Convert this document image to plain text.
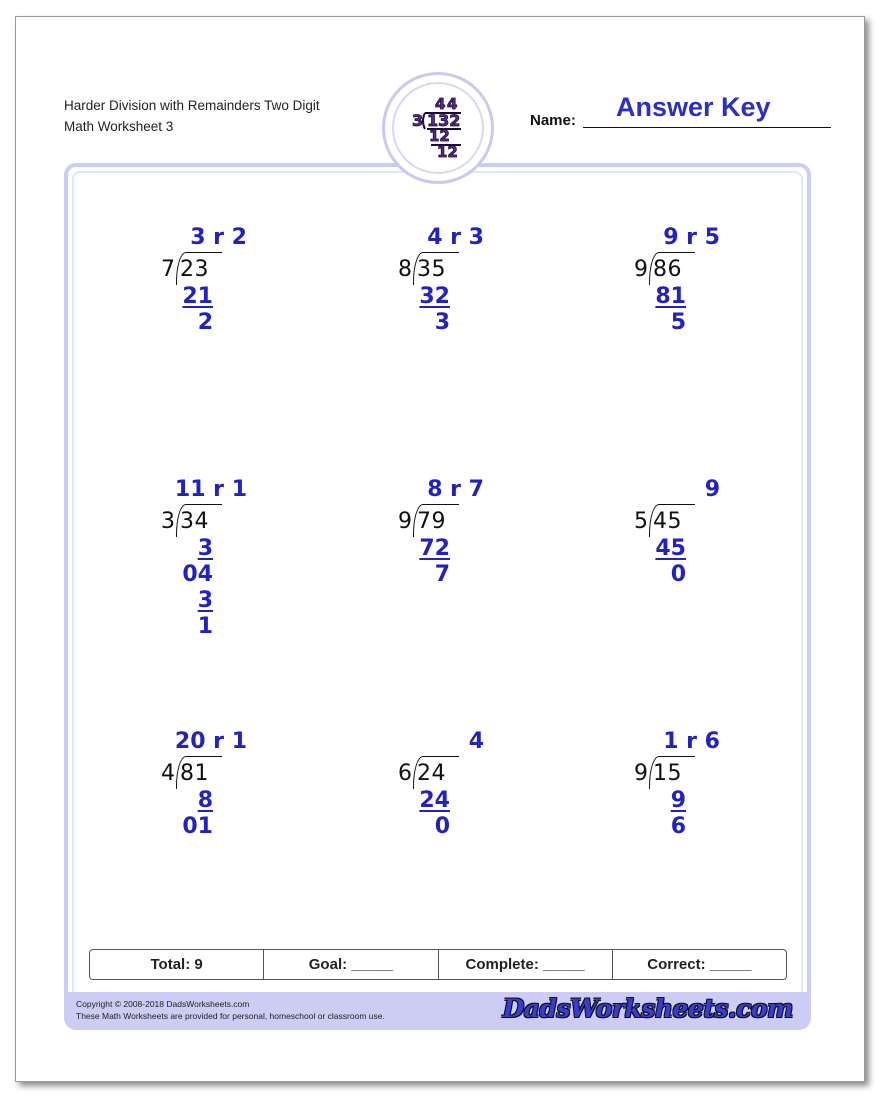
Harder Division with Remainders Two Digit
Math Worksheet 3
4 4
3 132
12
12
Name: Answer Key
3 r 2
7 23
21
2
4 r 3
8 35
32
3
9 r 5
9 86
81
5
11 r 1
3 34
3
04
3
1
8 r 7
9 79
72
7
9
5 45
45
0
20 r 1
4 81
8
01
4
6 24
24
0
1 r 6
9 15
9
6
Total: 9	Goal: _____	Complete: _____	Correct: _____
Copyright © 2008-2018 DadsWorksheets.com
These Math Worksheets are provided for personal, homeschool or classroom use.	DadsWorksheets.com
